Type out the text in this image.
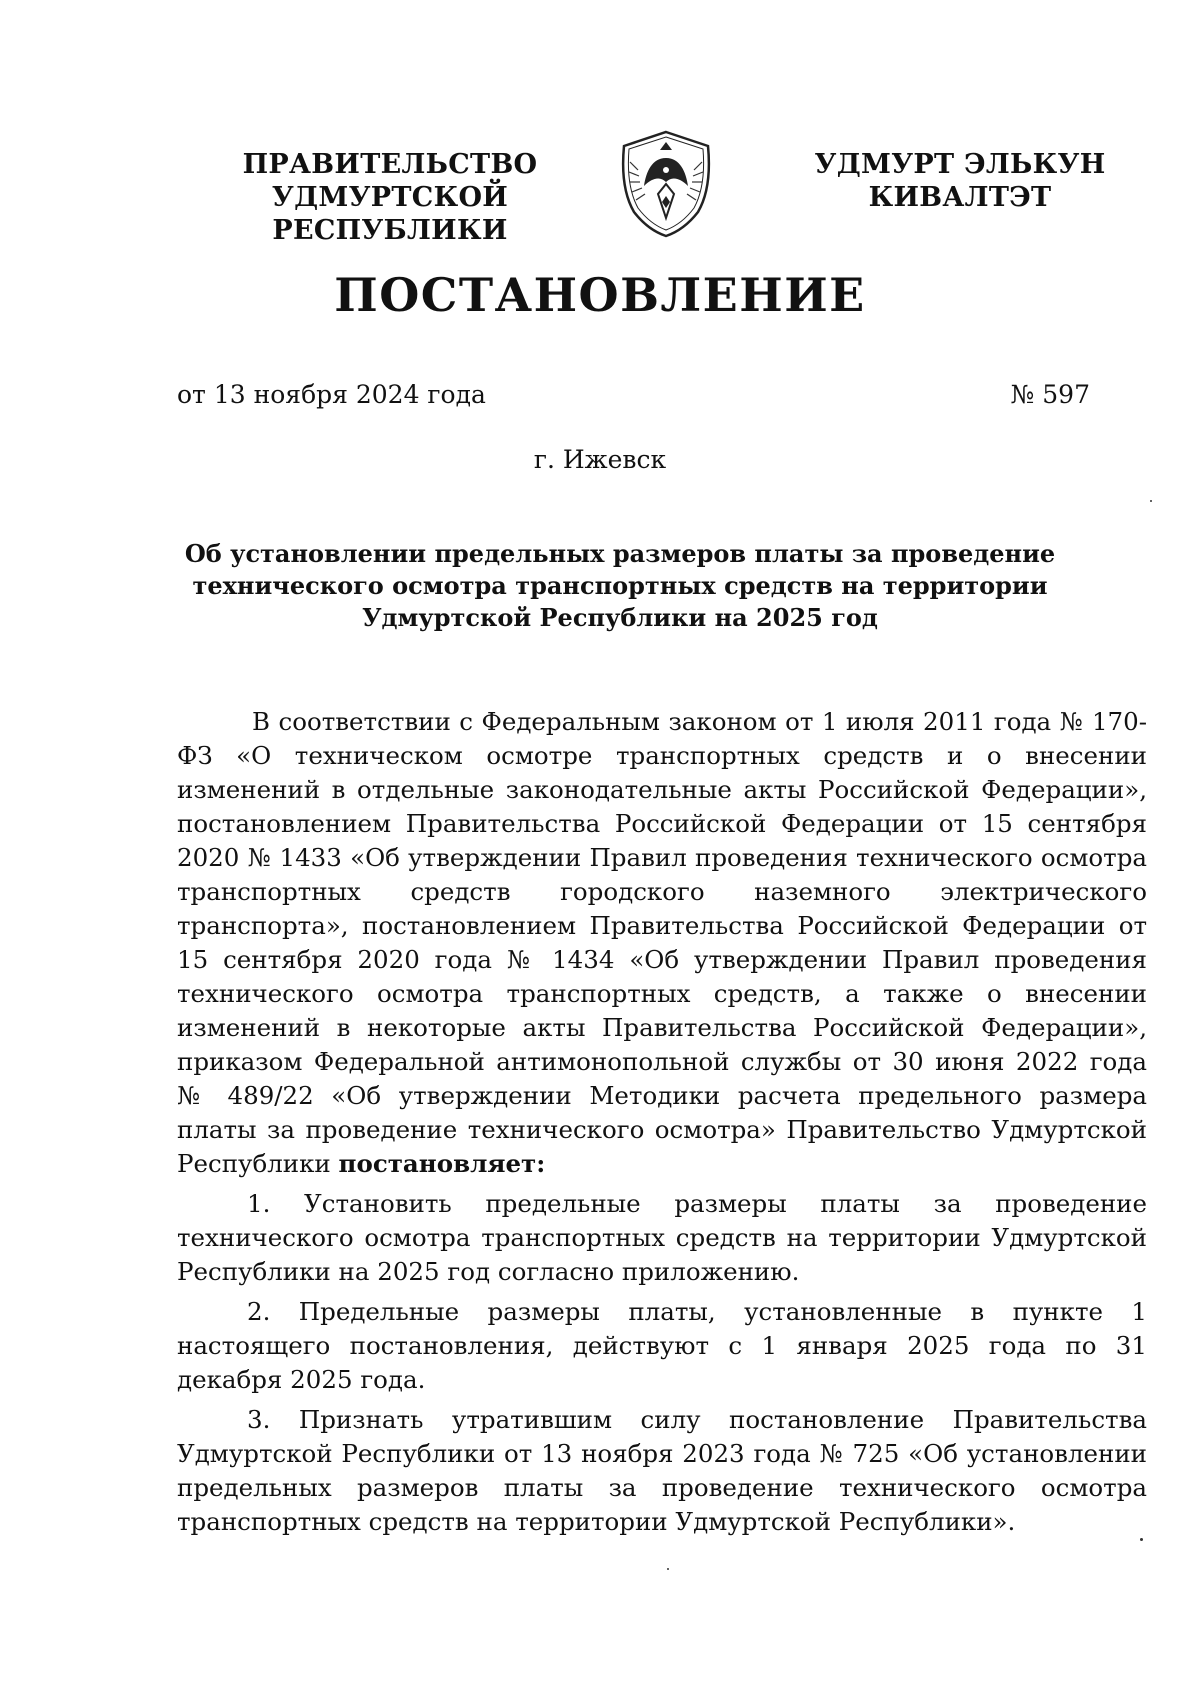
ПРАВИТЕЛЬСТВО
УДМУРТСКОЙ РЕСПУБЛИКИ
УДМУРТ ЭЛЬКУН
КИВАЛТЭТ
ПОСТАНОВЛЕНИЕ
от 13 ноября 2024 года	№ 597
г. Ижевск
Об установлении предельных размеров платы за проведение
технического осмотра транспортных средств на территории
Удмуртской Республики на 2025 год

В соответствии с Федеральным законом от 1 июля 2011 года № 170-ФЗ «О техническом осмотре транспортных средств и о внесении изменений в отдельные законодательные акты Российской Федерации», постановлением Правительства Российской Федерации от 15 сентября 2020 № 1433 «Об утверждении Правил проведения технического осмотра транспортных средств городского наземного электрического транспорта», постановлением Правительства Российской Федерации от 15 сентября 2020 года № 1434 «Об утверждении Правил проведения технического осмотра транспортных средств, а также о внесении изменений в некоторые акты Правительства Российской Федерации», приказом Федеральной антимонопольной службы от 30 июня 2022 года № 489/22 «Об утверждении Методики расчета предельного размера платы за проведение технического осмотра» Правительство Удмуртской Республики постановляет:

1. Установить предельные размеры платы за проведение технического осмотра транспортных средств на территории Удмуртской Республики на 2025 год согласно приложению.

2. Предельные размеры платы, установленные в пункте 1 настоящего постановления, действуют с 1 января 2025 года по 31 декабря 2025 года.

3. Признать утратившим силу постановление Правительства Удмуртской Республики от 13 ноября 2023 года № 725 «Об установлении предельных размеров платы за проведение технического осмотра транспортных средств на территории Удмуртской Республики».
